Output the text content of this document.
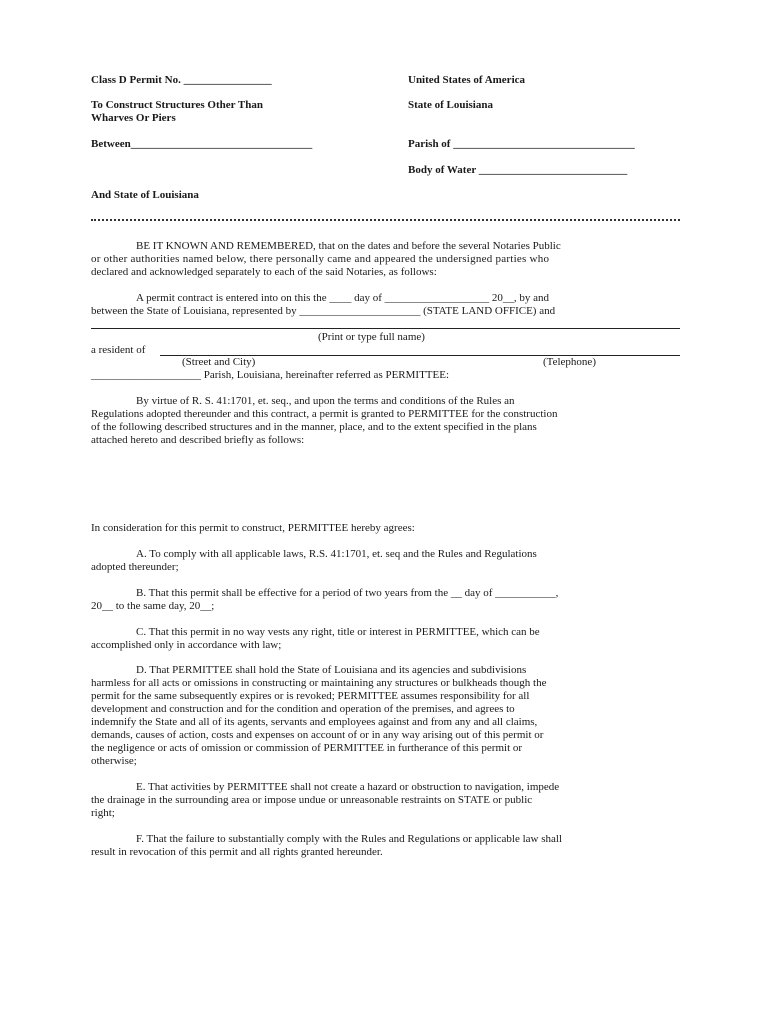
Class D Permit No. ________________
To Construct Structures Other Than
Wharves Or Piers
Between_________________________________
And State of Louisiana
United States of America
State of Louisiana
Parish of _________________________________
Body of Water ___________________________
BE IT KNOWN AND REMEMBERED, that on the dates and before the several Notaries Public
or other authorities named below, there personally came and appeared the undersigned parties who
declared and acknowledged separately to each of the said Notaries, as follows:
A permit contract is entered into on this the ____ day of ___________________ 20__, by and
between the State of Louisiana, represented by ______________________ (STATE LAND OFFICE) and
(Print or type full name)
a resident of
(Street and City)	(Telephone)
____________________ Parish, Louisiana, hereinafter referred as PERMITTEE:
By virtue of R. S. 41:1701, et. seq., and upon the terms and conditions of the Rules an
Regulations adopted thereunder and this contract, a permit is granted to PERMITTEE for the construction
of the following described structures and in the manner, place, and to the extent specified in the plans
attached hereto and described briefly as follows:
In consideration for this permit to construct, PERMITTEE hereby agrees:
A. To comply with all applicable laws, R.S. 41:1701, et. seq and the Rules and Regulations
adopted thereunder;
B. That this permit shall be effective for a period of two years from the __ day of ___________,
20__ to the same day, 20__;
C. That this permit in no way vests any right, title or interest in PERMITTEE, which can be
accomplished only in accordance with law;
D. That PERMITTEE shall hold the State of Louisiana and its agencies and subdivisions
harmless for all acts or omissions in constructing or maintaining any structures or bulkheads though the
permit for the same subsequently expires or is revoked; PERMITTEE assumes responsibility for all
development and construction and for the condition and operation of the premises, and agrees to
indemnify the State and all of its agents, servants and employees against and from any and all claims,
demands, causes of action, costs and expenses on account of or in any way arising out of this permit or
the negligence or acts of omission or commission of PERMITTEE in furtherance of this permit or
otherwise;
E. That activities by PERMITTEE shall not create a hazard or obstruction to navigation, impede
the drainage in the surrounding area or impose undue or unreasonable restraints on STATE or public
right;
F. That the failure to substantially comply with the Rules and Regulations or applicable law shall
result in revocation of this permit and all rights granted hereunder.
